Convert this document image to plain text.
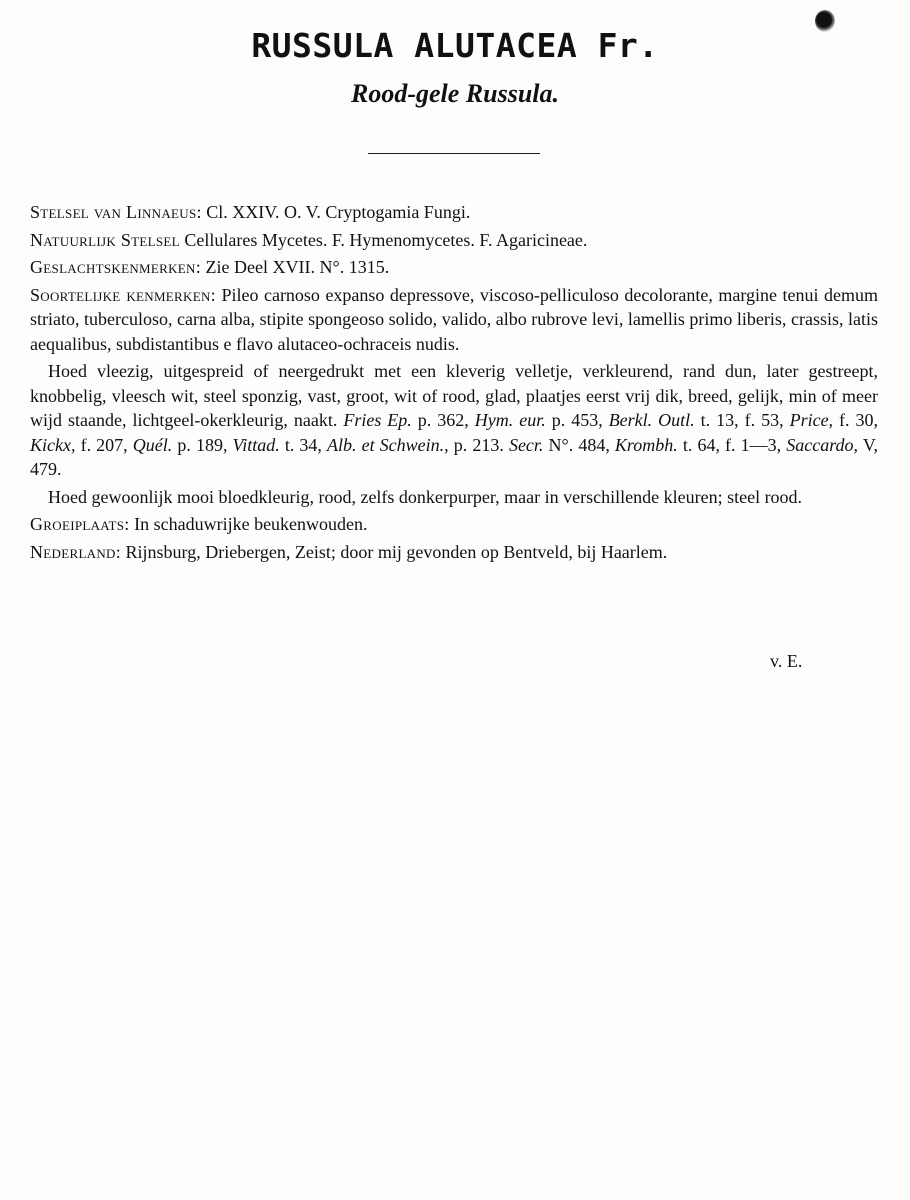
RUSSULA ALUTACEA Fr.
Rood-gele Russula.

Stelsel van Linnaeus: Cl. XXIV. O. V. Cryptogamia Fungi.

Natuurlijk Stelsel Cellulares Mycetes. F. Hymenomycetes. F. Agaricineae.

Geslachtskenmerken: Zie Deel XVII. N°. 1315.

Soortelijke kenmerken: Pileo carnoso expanso depressove, viscoso-pelliculoso decolorante, margine tenui demum striato, tuberculoso, carna alba, stipite spongeoso solido, valido, albo rubrove levi, lamellis primo liberis, crassis, latis aequalibus, subdistantibus e flavo alutaceo-ochraceis nudis.

Hoed vleezig, uitgespreid of neergedrukt met een kleverig velletje, verkleurend, rand dun, later gestreept, knobbelig, vleesch wit, steel sponzig, vast, groot, wit of rood, glad, plaatjes eerst vrij dik, breed, gelijk, min of meer wijd staande, lichtgeel-okerkleurig, naakt. Fries Ep. p. 362, Hym. eur. p. 453, Berkl. Outl. t. 13, f. 53, Price, f. 30, Kickx, f. 207, Quél. p. 189, Vittad. t. 34, Alb. et Schwein., p. 213. Secr. N°. 484, Krombh. t. 64, f. 1—3, Saccardo, V, 479.

Hoed gewoonlijk mooi bloedkleurig, rood, zelfs donkerpurper, maar in verschillende kleuren; steel rood.

Groeiplaats: In schaduwrijke beukenwouden.

Nederland: Rijnsburg, Driebergen, Zeist; door mij gevonden op Bentveld, bij Haarlem.

v. E.
